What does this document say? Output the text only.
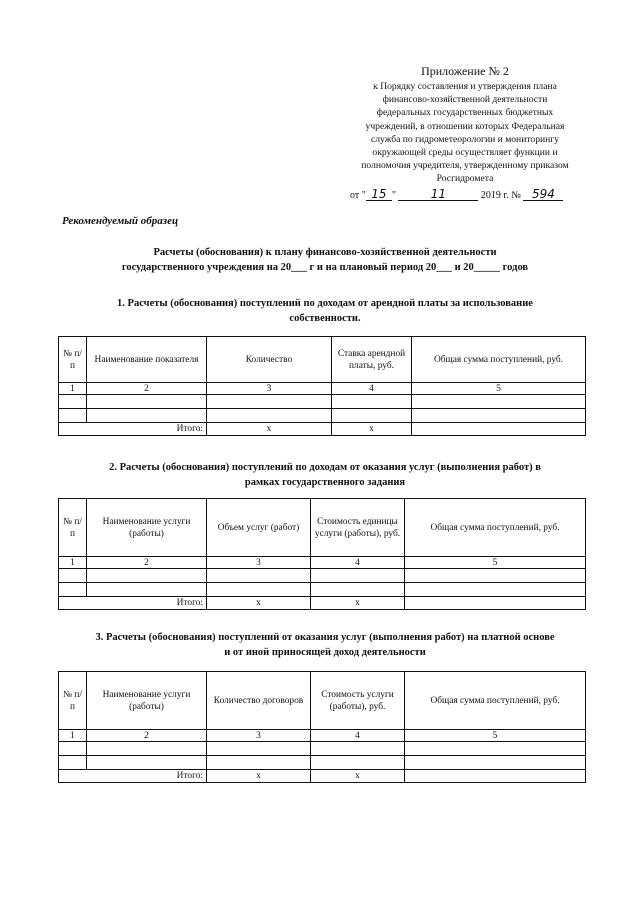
Приложение № 2
к Порядку составления и утверждения плана
финансово-хозяйственной деятельности
федеральных государственных бюджетных
учреждений, в отношении которых Федеральная
служба по гидрометеорологии и мониторингу
окружающей среды осуществляет функции и
полномочия учредителя, утвержденному приказом
Росгидромета
от " 15 "	11	2019 г. № 594
Рекомендуемый образец
Расчеты (обоснования) к плану финансово-хозяйственной деятельности
государственного учреждения на 20___ г и на плановый период 20___ и 20_____ годов
1. Расчеты (обоснования) поступлений по доходам от арендной платы за использование
собственности.
№ п/п	Наименование показателя	Количество	Ставка арендной платы, руб.	Общая сумма поступлений, руб.
1	2	3	4	5

Итого:		x	x	
2. Расчеты (обоснования) поступлений по доходам от оказания услуг (выполнения работ) в
рамках государственного задания
№ п/п	Наименование услуги (работы)	Объем услуг (работ)	Стоимость единицы услуги (работы), руб.	Общая сумма поступлений, руб.
1	2	3	4	5

Итого:		x	x	
3. Расчеты (обоснования) поступлений от оказания услуг (выполнения работ) на платной основе
и от иной приносящей доход деятельности
№ п/п	Наименование услуги (работы)	Количество договоров	Стоимость услуги (работы), руб.	Общая сумма поступлений, руб.
1	2	3	4	5

Итого:		x	x	
